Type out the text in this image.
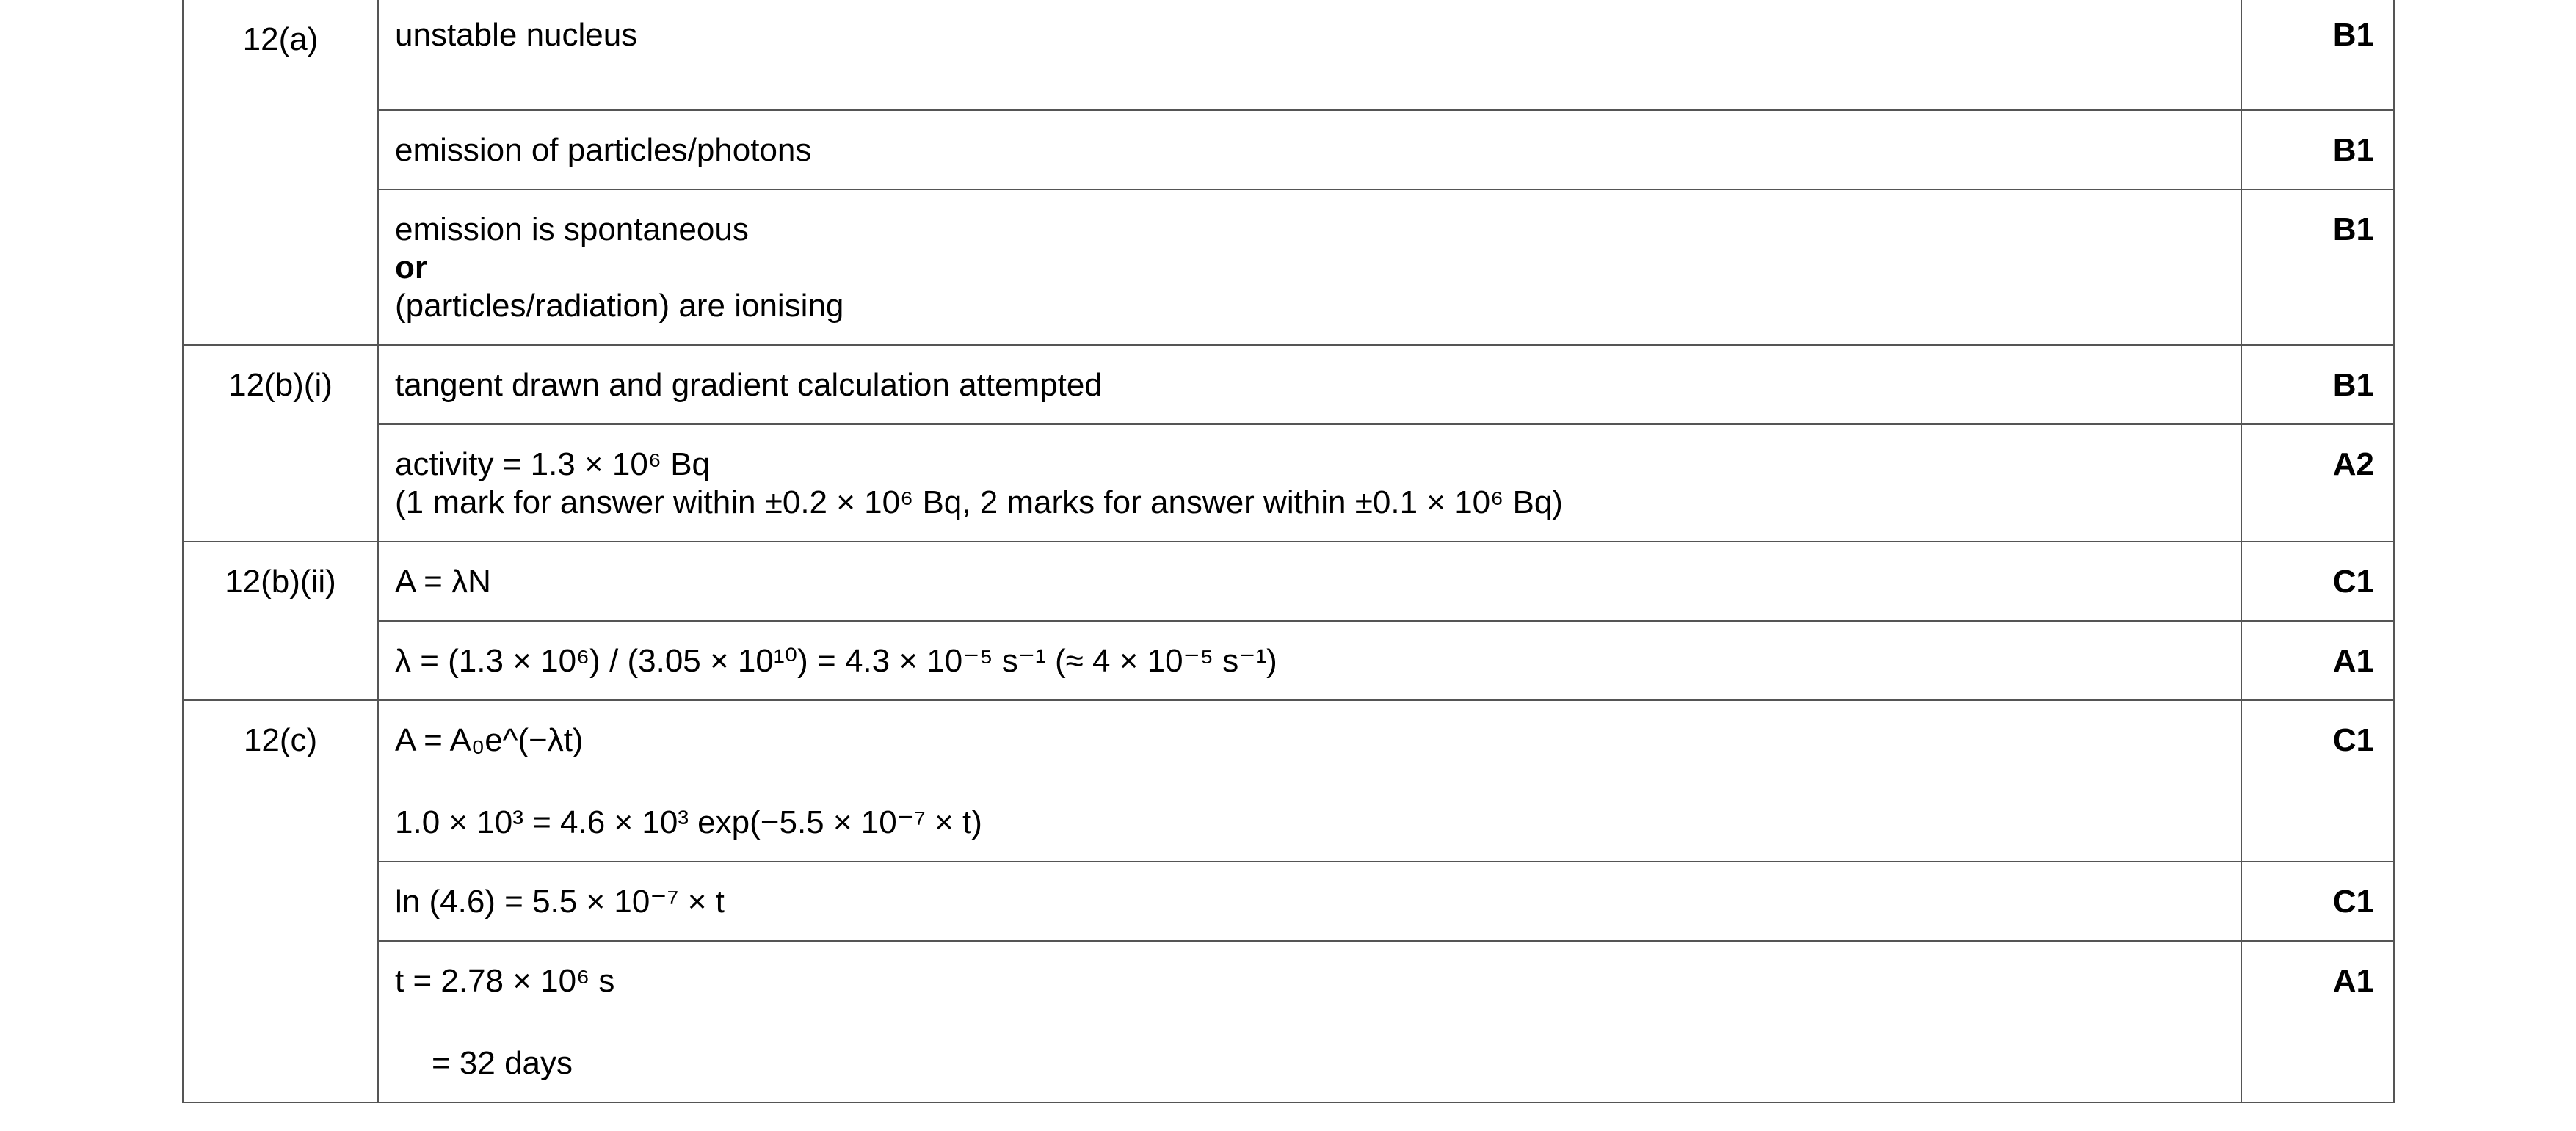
12(a)	unstable nucleus	B1
	emission of particles/photons	B1

	emission is spontaneous
or
(particles/radiation) are ionising	B1
12(b)(i)	tangent drawn and gradient calculation attempted	B1

	activity = 1.3 × 10⁶ Bq
(1 mark for answer within ±0.2 × 10⁶ Bq, 2 marks for answer within ±0.1 × 10⁶ Bq)	A2
12(b)(ii)	A = λN	C1
	λ = (1.3 × 10⁶) / (3.05 × 10¹⁰) = 4.3 × 10⁻⁵ s⁻¹ (≈ 4 × 10⁻⁵ s⁻¹)	A1
12(c)	A = A₀e^(−λt)
1.0 × 10³ = 4.6 × 10³ exp(−5.5 × 10⁻⁷ × t)	C1
	ln (4.6) = 5.5 × 10⁻⁷ × t	C1

	t = 2.78 × 10⁶ s
= 32 days	A1
